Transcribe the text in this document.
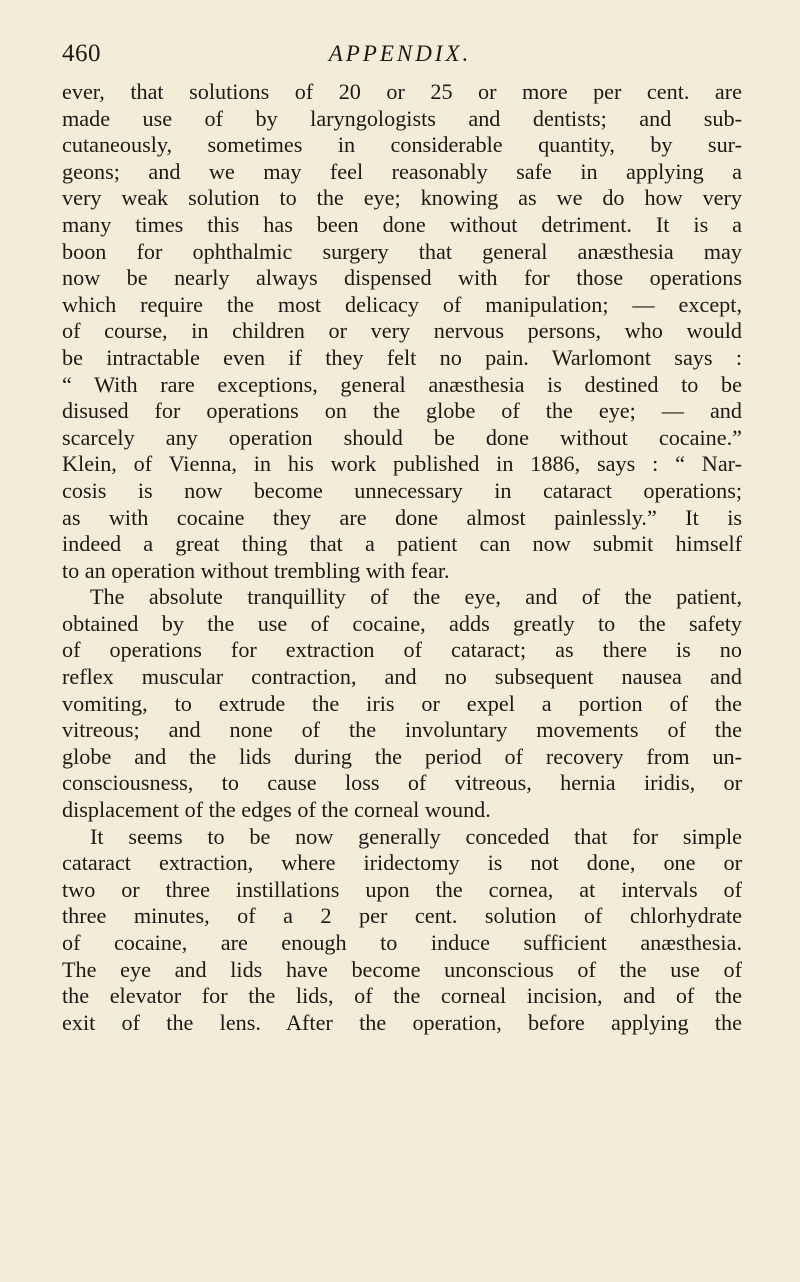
460	APPENDIX.
ever, that solutions of 20 or 25 or more per cent. are
made use of by laryngologists and dentists; and sub-
cutaneously, sometimes in considerable quantity, by sur-
geons; and we may feel reasonably safe in applying a
very weak solution to the eye; knowing as we do how very
many times this has been done without detriment. It is a
boon for ophthalmic surgery that general anæsthesia may
now be nearly always dispensed with for those operations
which require the most delicacy of manipulation; — except,
of course, in children or very nervous persons, who would
be intractable even if they felt no pain. Warlomont says :
“ With rare exceptions, general anæsthesia is destined to be
disused for operations on the globe of the eye; — and
scarcely any operation should be done without cocaine.”
Klein, of Vienna, in his work published in 1886, says : “ Nar-
cosis is now become unnecessary in cataract operations;
as with cocaine they are done almost painlessly.” It is
indeed a great thing that a patient can now submit himself
to an operation without trembling with fear.
The absolute tranquillity of the eye, and of the patient,
obtained by the use of cocaine, adds greatly to the safety
of operations for extraction of cataract; as there is no
reflex muscular contraction, and no subsequent nausea and
vomiting, to extrude the iris or expel a portion of the
vitreous; and none of the involuntary movements of the
globe and the lids during the period of recovery from un-
consciousness, to cause loss of vitreous, hernia iridis, or
displacement of the edges of the corneal wound.
It seems to be now generally conceded that for simple
cataract extraction, where iridectomy is not done, one or
two or three instillations upon the cornea, at intervals of
three minutes, of a 2 per cent. solution of chlorhydrate
of cocaine, are enough to induce sufficient anæsthesia.
The eye and lids have become unconscious of the use of
the elevator for the lids, of the corneal incision, and of the
exit of the lens. After the operation, before applying the
